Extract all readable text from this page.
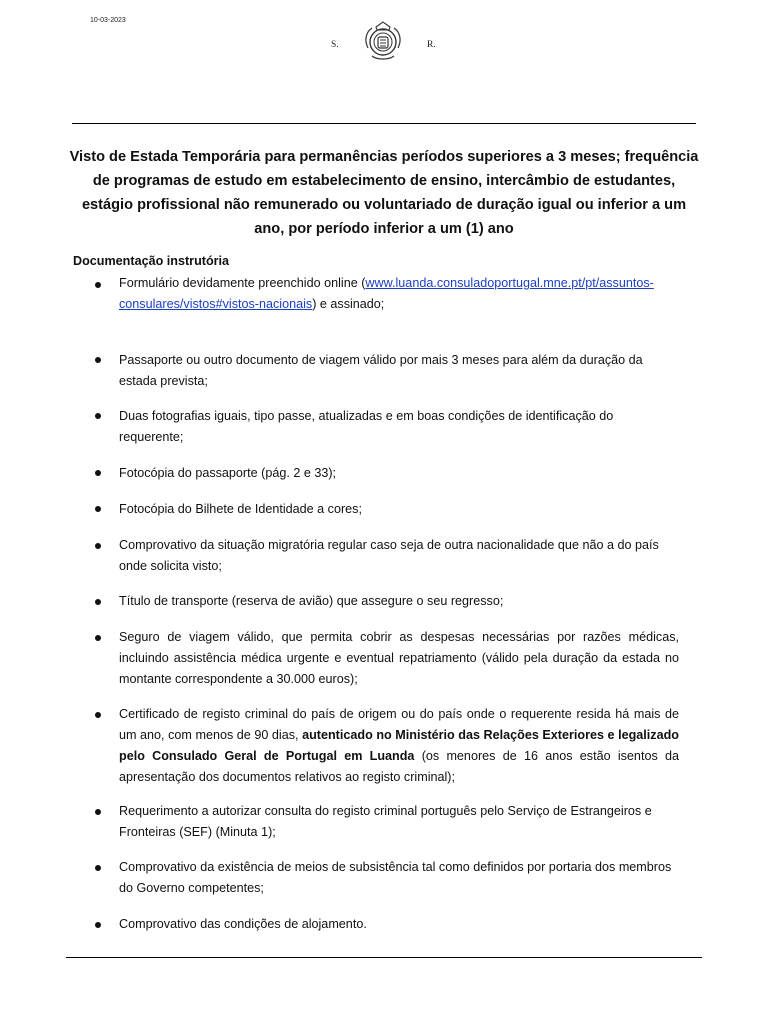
10-03-2023
S.	R.
Visto de Estada Temporária para permanências períodos superiores a 3 meses; frequência de programas de estudo em estabelecimento de ensino, intercâmbio de estudantes, estágio profissional não remunerado ou voluntariado de duração igual ou inferior a um ano, por período inferior a um (1) ano
Documentação instrutória
Formulário devidamente preenchido online (www.luanda.consuladoportugal.mne.pt/pt/assuntos-consulares/vistos#vistos-nacionais) e assinado;
Passaporte ou outro documento de viagem válido por mais 3 meses para além da duração da estada prevista;
Duas fotografias iguais, tipo passe, atualizadas e em boas condições de identificação do requerente;
Fotocópia do passaporte (pág. 2 e 33);
Fotocópia do Bilhete de Identidade a cores;
Comprovativo da situação migratória regular caso seja de outra nacionalidade que não a do país onde solicita visto;
Título de transporte (reserva de avião) que assegure o seu regresso;
Seguro de viagem válido, que permita cobrir as despesas necessárias por razões médicas, incluindo assistência médica urgente e eventual repatriamento (válido pela duração da estada no montante correspondente a 30.000 euros);
Certificado de registo criminal do país de origem ou do país onde o requerente resida há mais de um ano, com menos de 90 dias, autenticado no Ministério das Relações Exteriores e legalizado pelo Consulado Geral de Portugal em Luanda (os menores de 16 anos estão isentos da apresentação dos documentos relativos ao registo criminal);
Requerimento a autorizar consulta do registo criminal português pelo Serviço de Estrangeiros e Fronteiras (SEF) (Minuta 1);
Comprovativo da existência de meios de subsistência tal como definidos por portaria dos membros do Governo competentes;
Comprovativo das condições de alojamento.
